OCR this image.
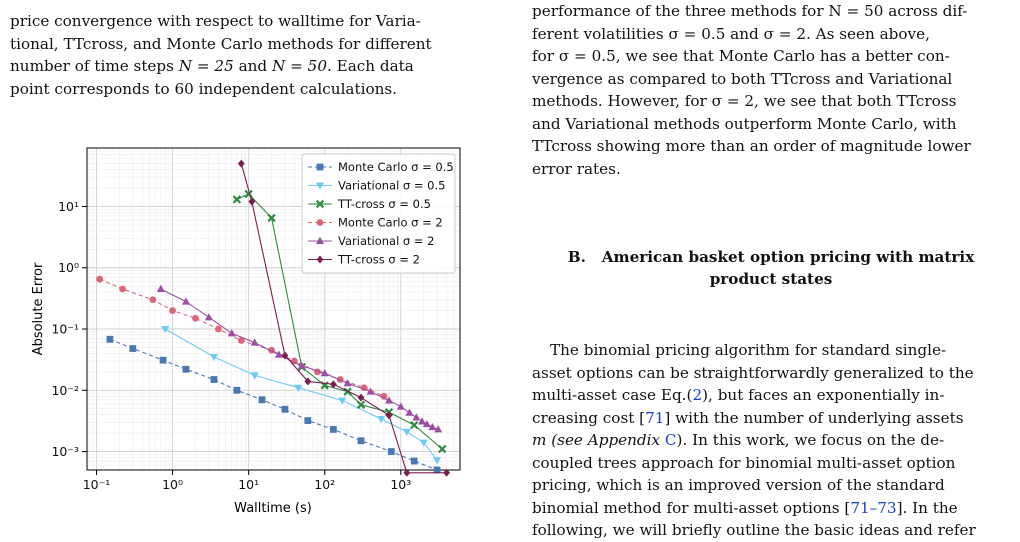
price convergence with respect to walltime for Varia-
tional, TTcross, and Monte Carlo methods for different
number of time steps N = 25 and N = 50. Each data
point corresponds to 60 independent calculations.
performance of the three methods for N = 50 across dif-
ferent volatilities σ = 0.5 and σ = 2. As seen above,
for σ = 0.5, we see that Monte Carlo has a better con-
vergence as compared to both TTcross and Variational
methods. However, for σ = 2, we see that both TTcross
and Variational methods outperform Monte Carlo, with
TTcross showing more than an order of magnitude lower
error rates.
B. American basket option pricing with matrix
product states
The binomial pricing algorithm for standard single-
asset options can be straightforwardly generalized to the
multi-asset case Eq.(2), but faces an exponentially in-
creasing cost [71] with the number of underlying assets
m (see Appendix C). In this work, we focus on the de-
coupled trees approach for binomial multi-asset option
pricing, which is an improved version of the standard
binomial method for multi-asset options [71–73]. In the
following, we will briefly outline the basic ideas and refer
10⁻¹	10⁰	10¹	10²	10³
10⁻³
10⁻²
10⁻¹
10⁰
10¹
Walltime (s)
Absolute Error
Monte Carlo σ = 0.5
Variational σ = 0.5
TT-cross σ = 0.5
Monte Carlo σ = 2
Variational σ = 2
TT-cross σ = 2
